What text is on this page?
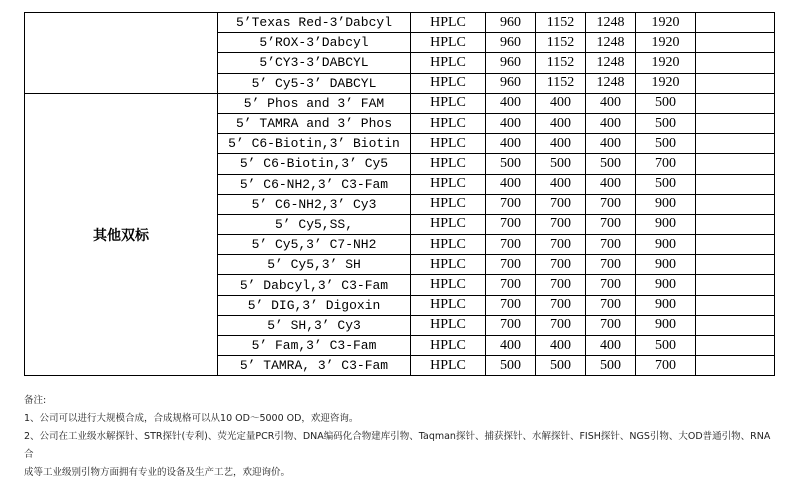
	5’Texas Red-3’Dabcyl	HPLC	960	1152	1248	1920	
	5’ROX-3’Dabcyl	HPLC	960	1152	1248	1920	
	5’CY3-3’DABCYL	HPLC	960	1152	1248	1920	
	5’ Cy5-3’ DABCYL	HPLC	960	1152	1248	1920	
其他双标	5’ Phos and 3’ FAM	HPLC	400	400	400	500	
	5’ TAMRA and 3’ Phos	HPLC	400	400	400	500	
	5’ C6-Biotin,3’ Biotin	HPLC	400	400	400	500	
	5’ C6-Biotin,3’ Cy5	HPLC	500	500	500	700	
	5’ C6-NH2,3’ C3-Fam	HPLC	400	400	400	500	
	5’ C6-NH2,3’ Cy3	HPLC	700	700	700	900	
	5’ Cy5,SS,	HPLC	700	700	700	900	
	5’ Cy5,3’ C7-NH2	HPLC	700	700	700	900	
	5’ Cy5,3’ SH	HPLC	700	700	700	900	
	5’ Dabcyl,3’ C3-Fam	HPLC	700	700	700	900	
	5’ DIG,3’ Digoxin	HPLC	700	700	700	900	
	5’ SH,3’ Cy3	HPLC	700	700	700	900	
	5’ Fam,3’ C3-Fam	HPLC	400	400	400	500	
	5’ TAMRA, 3’ C3-Fam	HPLC	500	500	500	700	

备注:

1、公司可以进行大规模合成，合成规格可以从10 OD～5000 OD，欢迎咨询。

2、公司在工业级水解探针、STR探针(专利)、荧光定量PCR引物、DNA编码化合物建库引物、Taqman探针、捕获探针、水解探针、FISH探针、NGS引物、大OD普通引物、RNA合

成等工业级别引物方面拥有专业的设备及生产工艺，欢迎询价。
